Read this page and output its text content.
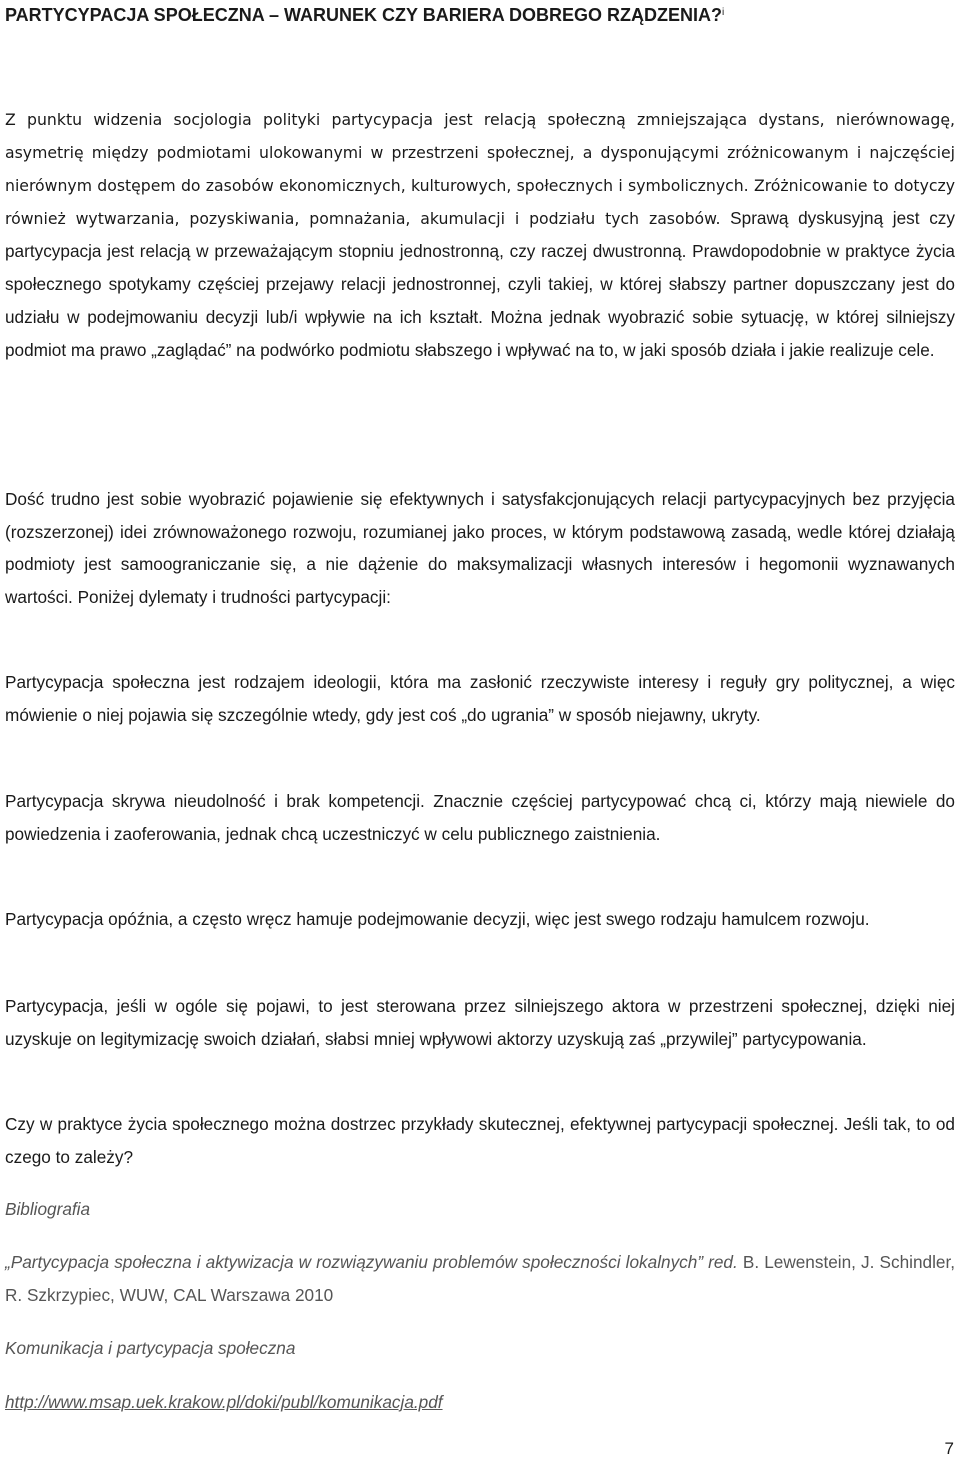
PARTYCYPACJA SPOŁECZNA – WARUNEK CZY BARIERA DOBREGO RZĄDZENIA?$^i$

Z punktu widzenia socjologia polityki partycypacja jest relacją społeczną zmniejszająca dystans, nierównowagę, asymetrię między podmiotami ulokowanymi w przestrzeni społecznej, a dysponującymi zróżnicowanym i najczęściej nierównym dostępem do zasobów ekonomicznych, kulturowych, społecznych i symbolicznych. Zróżnicowanie to dotyczy również wytwarzania, pozyskiwania, pomnażania, akumulacji i podziału tych zasobów. Sprawą dyskusyjną jest czy partycypacja jest relacją w przeważającym stopniu jednostronną, czy raczej dwustronną. Prawdopodobnie w praktyce życia społecznego spotykamy częściej przejawy relacji jednostronnej, czyli takiej, w której słabszy partner dopuszczany jest do udziału w podejmowaniu decyzji lub/i wpływie na ich kształt. Można jednak wyobrazić sobie sytuację, w której silniejszy podmiot ma prawo „zaglądać” na podwórko podmiotu słabszego i wpływać na to, w jaki sposób działa i jakie realizuje cele.

Dość trudno jest sobie wyobrazić pojawienie się efektywnych i satysfakcjonujących relacji partycypacyjnych bez przyjęcia (rozszerzonej) idei zrównoważonego rozwoju, rozumianej jako proces, w którym podstawową zasadą, wedle której działają podmioty jest samoograniczanie się, a nie dążenie do maksymalizacji własnych interesów i hegomonii wyznawanych wartości. Poniżej dylematy i trudności partycypacji:

Partycypacja społeczna jest rodzajem ideologii, która ma zasłonić rzeczywiste interesy i reguły gry politycznej, a więc mówienie o niej pojawia się szczególnie wtedy, gdy jest coś „do ugrania” w sposób niejawny, ukryty.

Partycypacja skrywa nieudolność i brak kompetencji. Znacznie częściej partycypować chcą ci, którzy mają niewiele do powiedzenia i zaoferowania, jednak chcą uczestniczyć w celu publicznego zaistnienia.

Partycypacja opóźnia, a często wręcz hamuje podejmowanie decyzji, więc jest swego rodzaju hamulcem rozwoju.

Partycypacja, jeśli w ogóle się pojawi, to jest sterowana przez silniejszego aktora w przestrzeni społecznej, dzięki niej uzyskuje on legitymizację swoich działań, słabsi mniej wpływowi aktorzy uzyskują zaś „przywilej” partycypowania.

Czy w praktyce życia społecznego można dostrzec przykłady skutecznej, efektywnej partycypacji społecznej. Jeśli tak, to od czego to zależy?

Bibliografia
„Partycypacja społeczna i aktywizacja w rozwiązywaniu problemów społeczności lokalnych” red. B. Lewenstein, J. Schindler, R. Szkrzypiec, WUW, CAL Warszawa 2010
Komunikacja i partycypacja społeczna
http://www.msap.uek.krakow.pl/doki/publ/komunikacja.pdf
7
